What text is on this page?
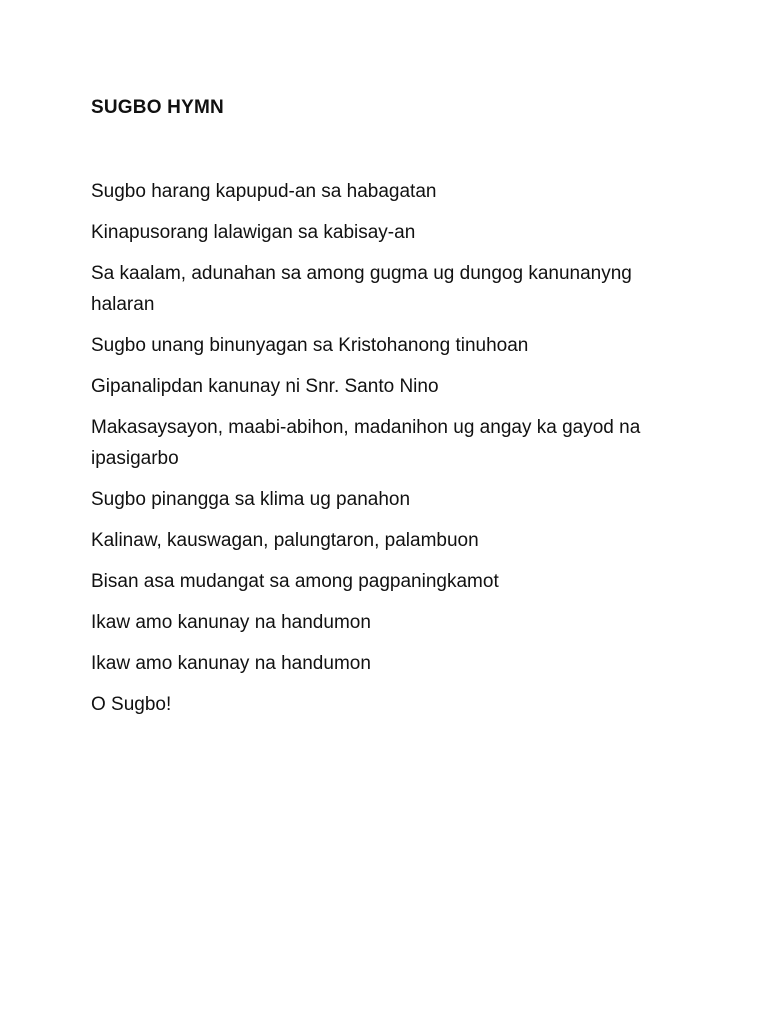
SUGBO HYMN
Sugbo harang kapupud-an sa habagatan
Kinapusorang lalawigan sa kabisay-an
Sa kaalam, adunahan sa among gugma ug dungog kanunanyng halaran
Sugbo unang binunyagan sa Kristohanong tinuhoan
Gipanalipdan kanunay ni Snr. Santo Nino
Makasaysayon, maabi-abihon, madanihon ug angay ka gayod na ipasigarbo
Sugbo pinangga sa klima ug panahon
Kalinaw, kauswagan, palungtaron, palambuon
Bisan asa mudangat sa among pagpaningkamot
Ikaw amo kanunay na handumon
Ikaw amo kanunay na handumon
O Sugbo!
